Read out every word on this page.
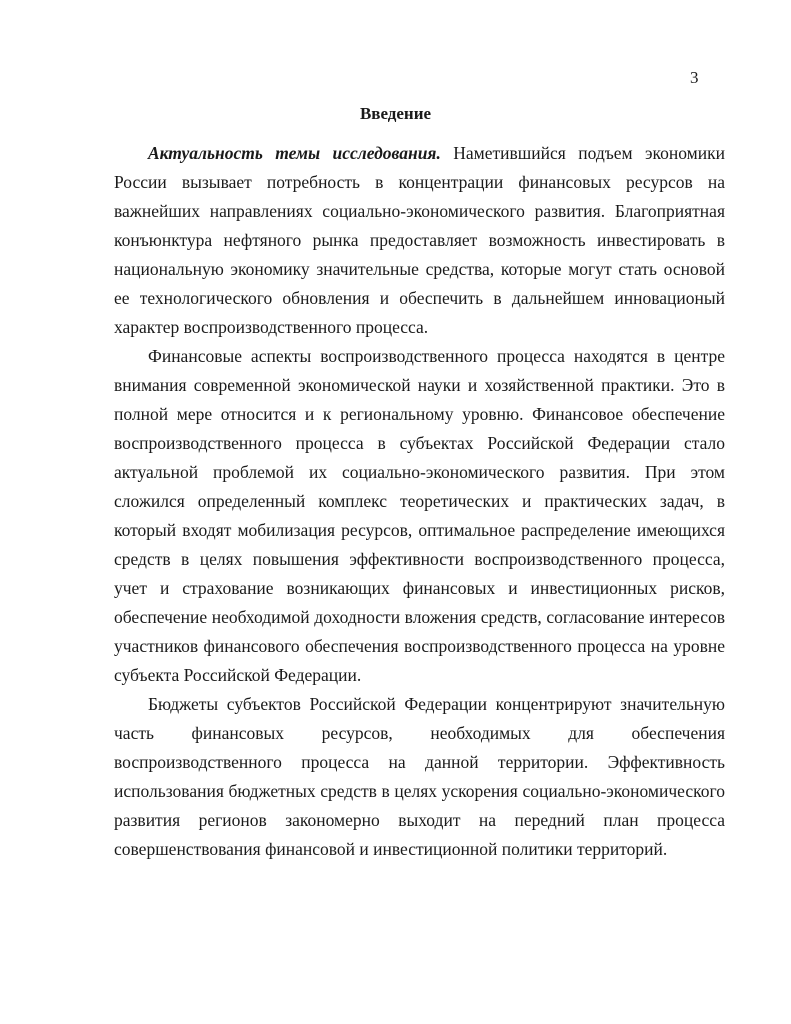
3
Введение

Актуальность темы исследования. Наметившийся подъем экономики России вызывает потребность в концентрации финансовых ресурсов на важнейших направлениях социально-экономического развития. Благоприятная конъюнктура нефтяного рынка предоставляет возможность инвестировать в национальную экономику значительные средства, которые могут стать основой ее технологического обновления и обеспечить в дальнейшем инновационый характер воспроизводственного процесса.

Финансовые аспекты воспроизводственного процесса находятся в центре внимания современной экономической науки и хозяйственной практики. Это в полной мере относится и к региональному уровню. Финансовое обеспечение воспроизводственного процесса в субъектах Российской Федерации стало актуальной проблемой их социально-экономического развития. При этом сложился определенный комплекс теоретических и практических задач, в который входят мобилизация ресурсов, оптимальное распределение имеющихся средств в целях повышения эффективности воспроизводственного процесса, учет и страхование возникающих финансовых и инвестиционных рисков, обеспечение необходимой доходности вложения средств, согласование интересов участников финансового обеспечения воспроизводственного процесса на уровне субъекта Российской Федерации.

Бюджеты субъектов Российской Федерации концентрируют значительную часть финансовых ресурсов, необходимых для обеспечения воспроизводственного процесса на данной территории. Эффективность использования бюджетных средств в целях ускорения социально-экономического развития регионов закономерно выходит на передний план процесса совершенствования финансовой и инвестиционной политики территорий.
